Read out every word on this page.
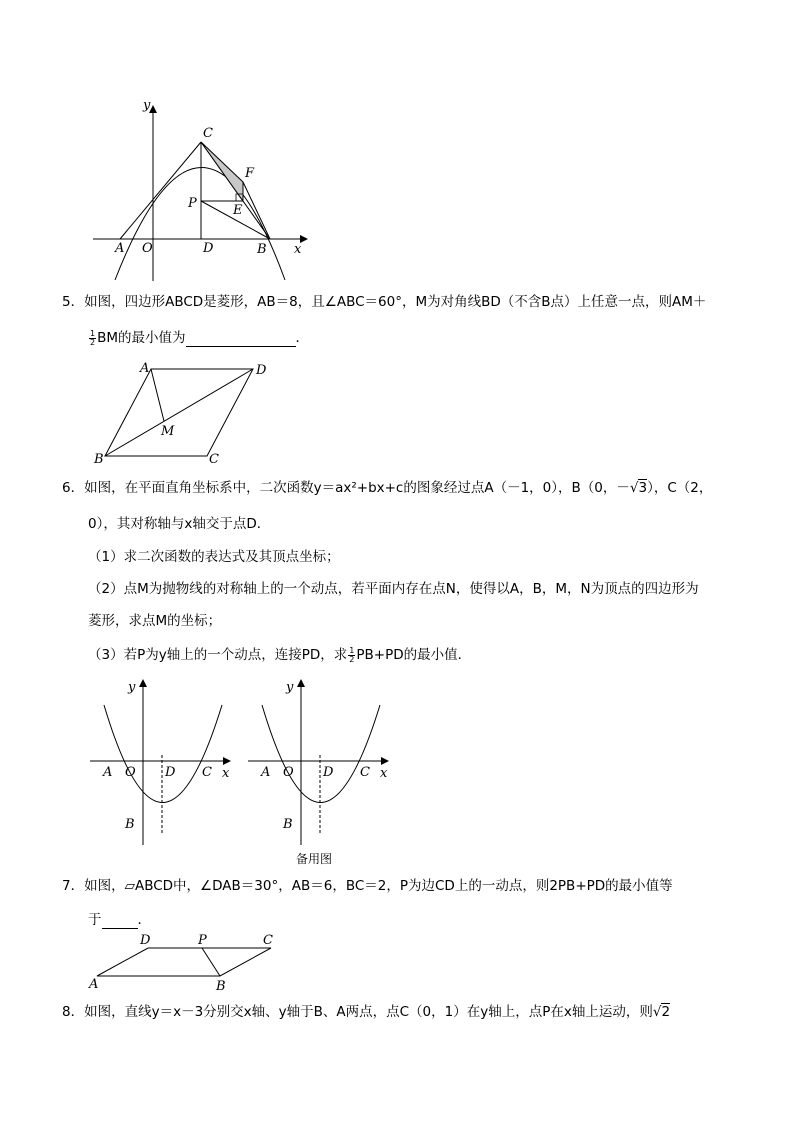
y
x
C
F
P	E
A O	D	B
5．如图，四边形ABCD是菱形，AB＝8，且∠ABC＝60°，M为对角线BD（不含B点）上任意一点，则AM＋
$\frac{1}{2}$ BM的最小值为	．
A	D
M
B	C
6．如图，在平面直角坐标系中，二次函数y＝ax²+bx+c的图象经过点A（－1，0），B（0，－√3），C（2，
0），其对称轴与x轴交于点D．
（1）求二次函数的表达式及其顶点坐标；
（2）点M为抛物线的对称轴上的一个动点，若平面内存在点N，使得以A，B，M，N为顶点的四边形为
菱形，求点M的坐标；
（3）若P为y轴上的一个动点，连接PD，求 $\frac{1}{2} PB+PD$的最小值．
y
x
A O D C
B
y
x
A O D C
B
备用图
7．如图，▱ABCD中，∠DAB＝30°，AB＝6，BC＝2，P为边CD上的一动点，则2PB+PD的最小值等
于	．
D	P	C
A	B
8．如图，直线y＝x－3分别交x轴、y轴于B、A两点，点C（0，1）在y轴上，点P在x轴上运动，则√2
